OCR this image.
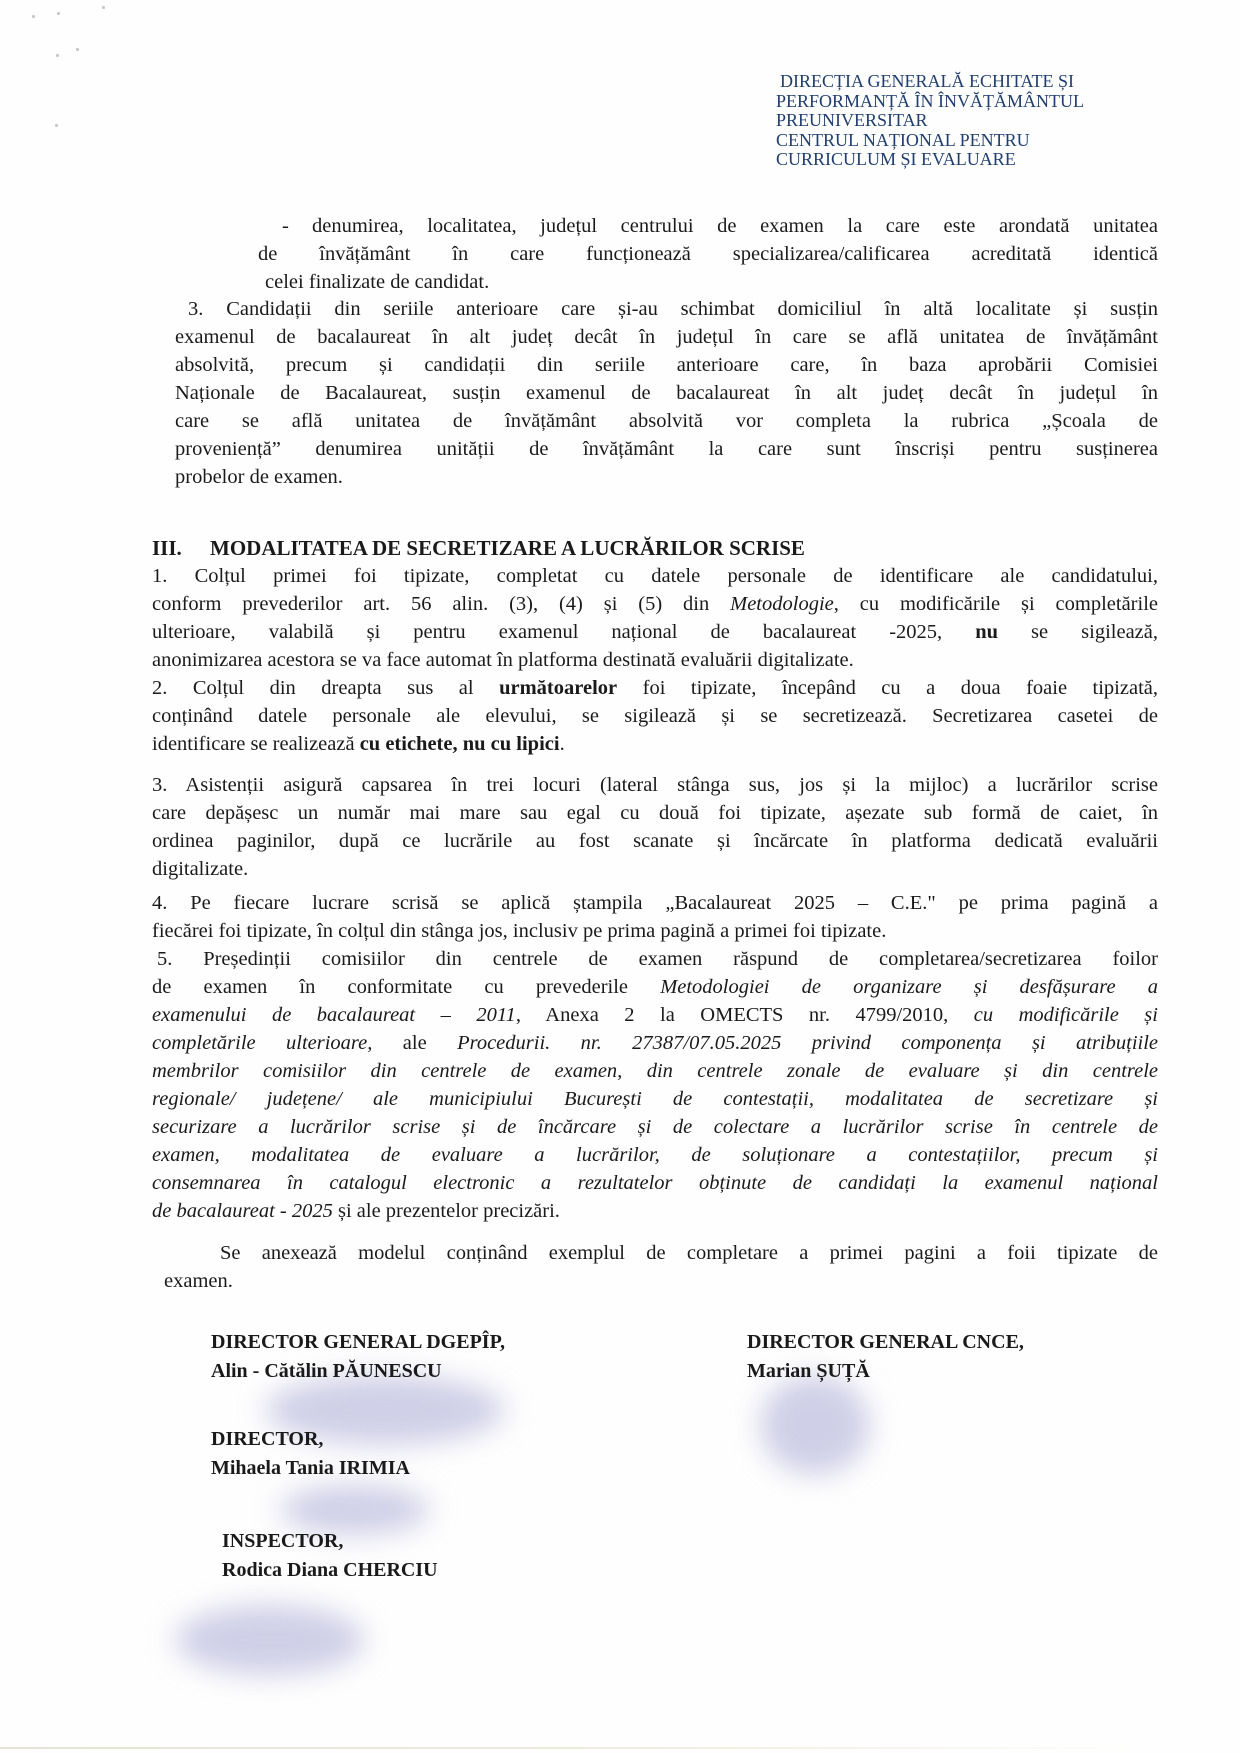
DIRECȚIA GENERALĂ ECHITATE ȘI
PERFORMANȚĂ ÎN ÎNVĂȚĂMÂNTUL
PREUNIVERSITAR
CENTRUL NAȚIONAL PENTRU
CURRICULUM ȘI EVALUARE
- denumirea, localitatea, județul centrului de examen la care este arondată unitatea
de învățământ în care funcționează specializarea/calificarea acreditată identică
celei finalizate de candidat.
3. Candidații din seriile anterioare care și-au schimbat domiciliul în altă localitate și susțin
examenul de bacalaureat în alt județ decât în județul în care se află unitatea de învățământ
absolvită, precum și candidații din seriile anterioare care, în baza aprobării Comisiei
Naționale de Bacalaureat, susțin examenul de bacalaureat în alt județ decât în județul în
care se află unitatea de învățământ absolvită vor completa la rubrica „Școala de
proveniență” denumirea unității de învățământ la care sunt înscriși pentru susținerea
probelor de examen.
III. MODALITATEA DE SECRETIZARE A LUCRĂRILOR SCRISE
1. Colțul primei foi tipizate, completat cu datele personale de identificare ale candidatului,
conform prevederilor art. 56 alin. (3), (4) și (5) din Metodologie, cu modificările și completările
ulterioare, valabilă și pentru examenul național de bacalaureat -2025, nu se sigilează,
anonimizarea acestora se va face automat în platforma destinată evaluării digitalizate.
2. Colțul din dreapta sus al următoarelor foi tipizate, începând cu a doua foaie tipizată,
conținând datele personale ale elevului, se sigilează și se secretizează. Secretizarea casetei de
identificare se realizează cu etichete, nu cu lipici.
3. Asistenții asigură capsarea în trei locuri (lateral stânga sus, jos și la mijloc) a lucrărilor scrise
care depășesc un număr mai mare sau egal cu două foi tipizate, așezate sub formă de caiet, în
ordinea paginilor, după ce lucrările au fost scanate și încărcate în platforma dedicată evaluării
digitalizate.
4. Pe fiecare lucrare scrisă se aplică ștampila „Bacalaureat 2025 – C.E." pe prima pagină a
fiecărei foi tipizate, în colțul din stânga jos, inclusiv pe prima pagină a primei foi tipizate.
5. Președinții comisiilor din centrele de examen răspund de completarea/secretizarea foilor
de examen în conformitate cu prevederile Metodologiei de organizare și desfășurare a
examenului de bacalaureat – 2011, Anexa 2 la OMECTS nr. 4799/2010, cu modificările și
completările ulterioare, ale Procedurii. nr. 27387/07.05.2025 privind componența și atribuțiile
membrilor comisiilor din centrele de examen, din centrele zonale de evaluare și din centrele
regionale/ județene/ ale municipiului București de contestații, modalitatea de secretizare și
securizare a lucrărilor scrise și de încărcare și de colectare a lucrărilor scrise în centrele de
examen, modalitatea de evaluare a lucrărilor, de soluționare a contestațiilor, precum și
consemnarea în catalogul electronic a rezultatelor obținute de candidați la examenul național
de bacalaureat - 2025 și ale prezentelor precizări.
Se anexează modelul conținând exemplul de completare a primei pagini a foii tipizate de
examen.
DIRECTOR GENERAL DGEPÎP,
Alin - Cătălin PĂUNESCU
DIRECTOR GENERAL CNCE,
Marian ȘUȚĂ
DIRECTOR,
Mihaela Tania IRIMIA
INSPECTOR,
Rodica Diana CHERCIU
